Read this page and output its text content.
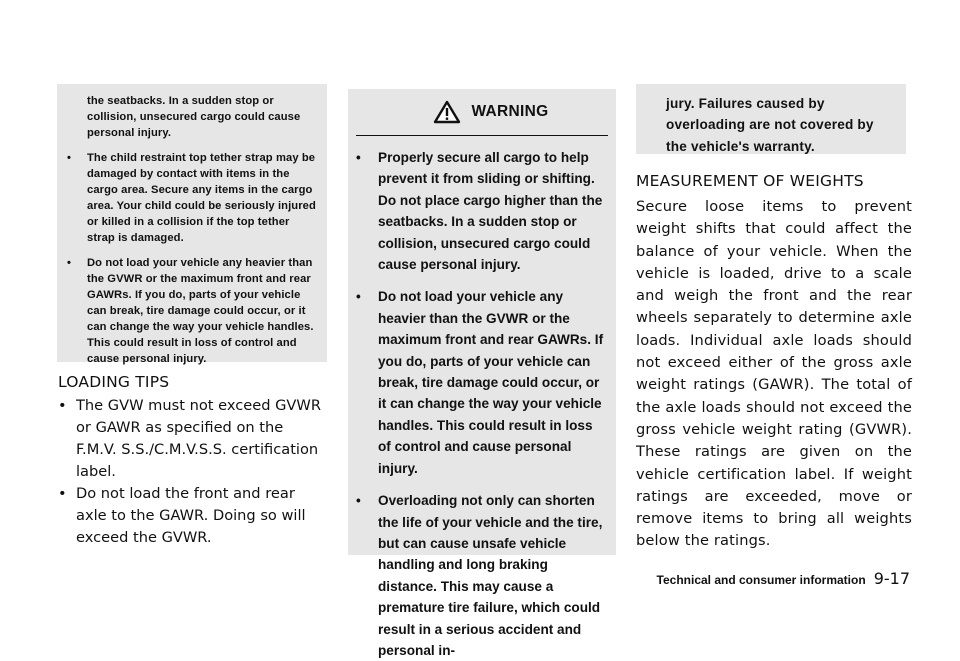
the seatbacks. In a sudden stop or collision, unsecured cargo could cause personal injury.

• The child restraint top tether strap may be damaged by contact with items in the cargo area. Secure any items in the cargo area. Your child could be seriously injured or killed in a collision if the top tether strap is damaged.

• Do not load your vehicle any heavier than the GVWR or the maximum front and rear GAWRs. If you do, parts of your vehicle can break, tire damage could occur, or it can change the way your vehicle handles. This could result in loss of control and cause personal injury.

LOADING TIPS
• The GVW must not exceed GVWR or GAWR as specified on the F.M.V. S.S./C.M.V.S.S. certification label.
• Do not load the front and rear axle to the GAWR. Doing so will exceed the GVWR.
WARNING
• Properly secure all cargo to help prevent it from sliding or shifting. Do not place cargo higher than the seatbacks. In a sudden stop or collision, unsecured cargo could cause personal injury.

• Do not load your vehicle any heavier than the GVWR or the maximum front and rear GAWRs. If you do, parts of your vehicle can break, tire damage could occur, or it can change the way your vehicle handles. This could result in loss of control and cause personal injury.

• Overloading not only can shorten the life of your vehicle and the tire, but can cause unsafe vehicle handling and long braking distance. This may cause a premature tire failure, which could result in a serious accident and personal in-

jury. Failures caused by overloading are not covered by the vehicle's warranty.

MEASUREMENT OF WEIGHTS

Secure loose items to prevent weight shifts that could affect the balance of your vehicle. When the vehicle is loaded, drive to a scale and weigh the front and the rear wheels separately to determine axle loads. Individual axle loads should not exceed either of the gross axle weight ratings (GAWR). The total of the axle loads should not exceed the gross vehicle weight rating (GVWR). These ratings are given on the vehicle certification label. If weight ratings are exceeded, move or remove items to bring all weights below the ratings.

Technical and consumer information 9-17
